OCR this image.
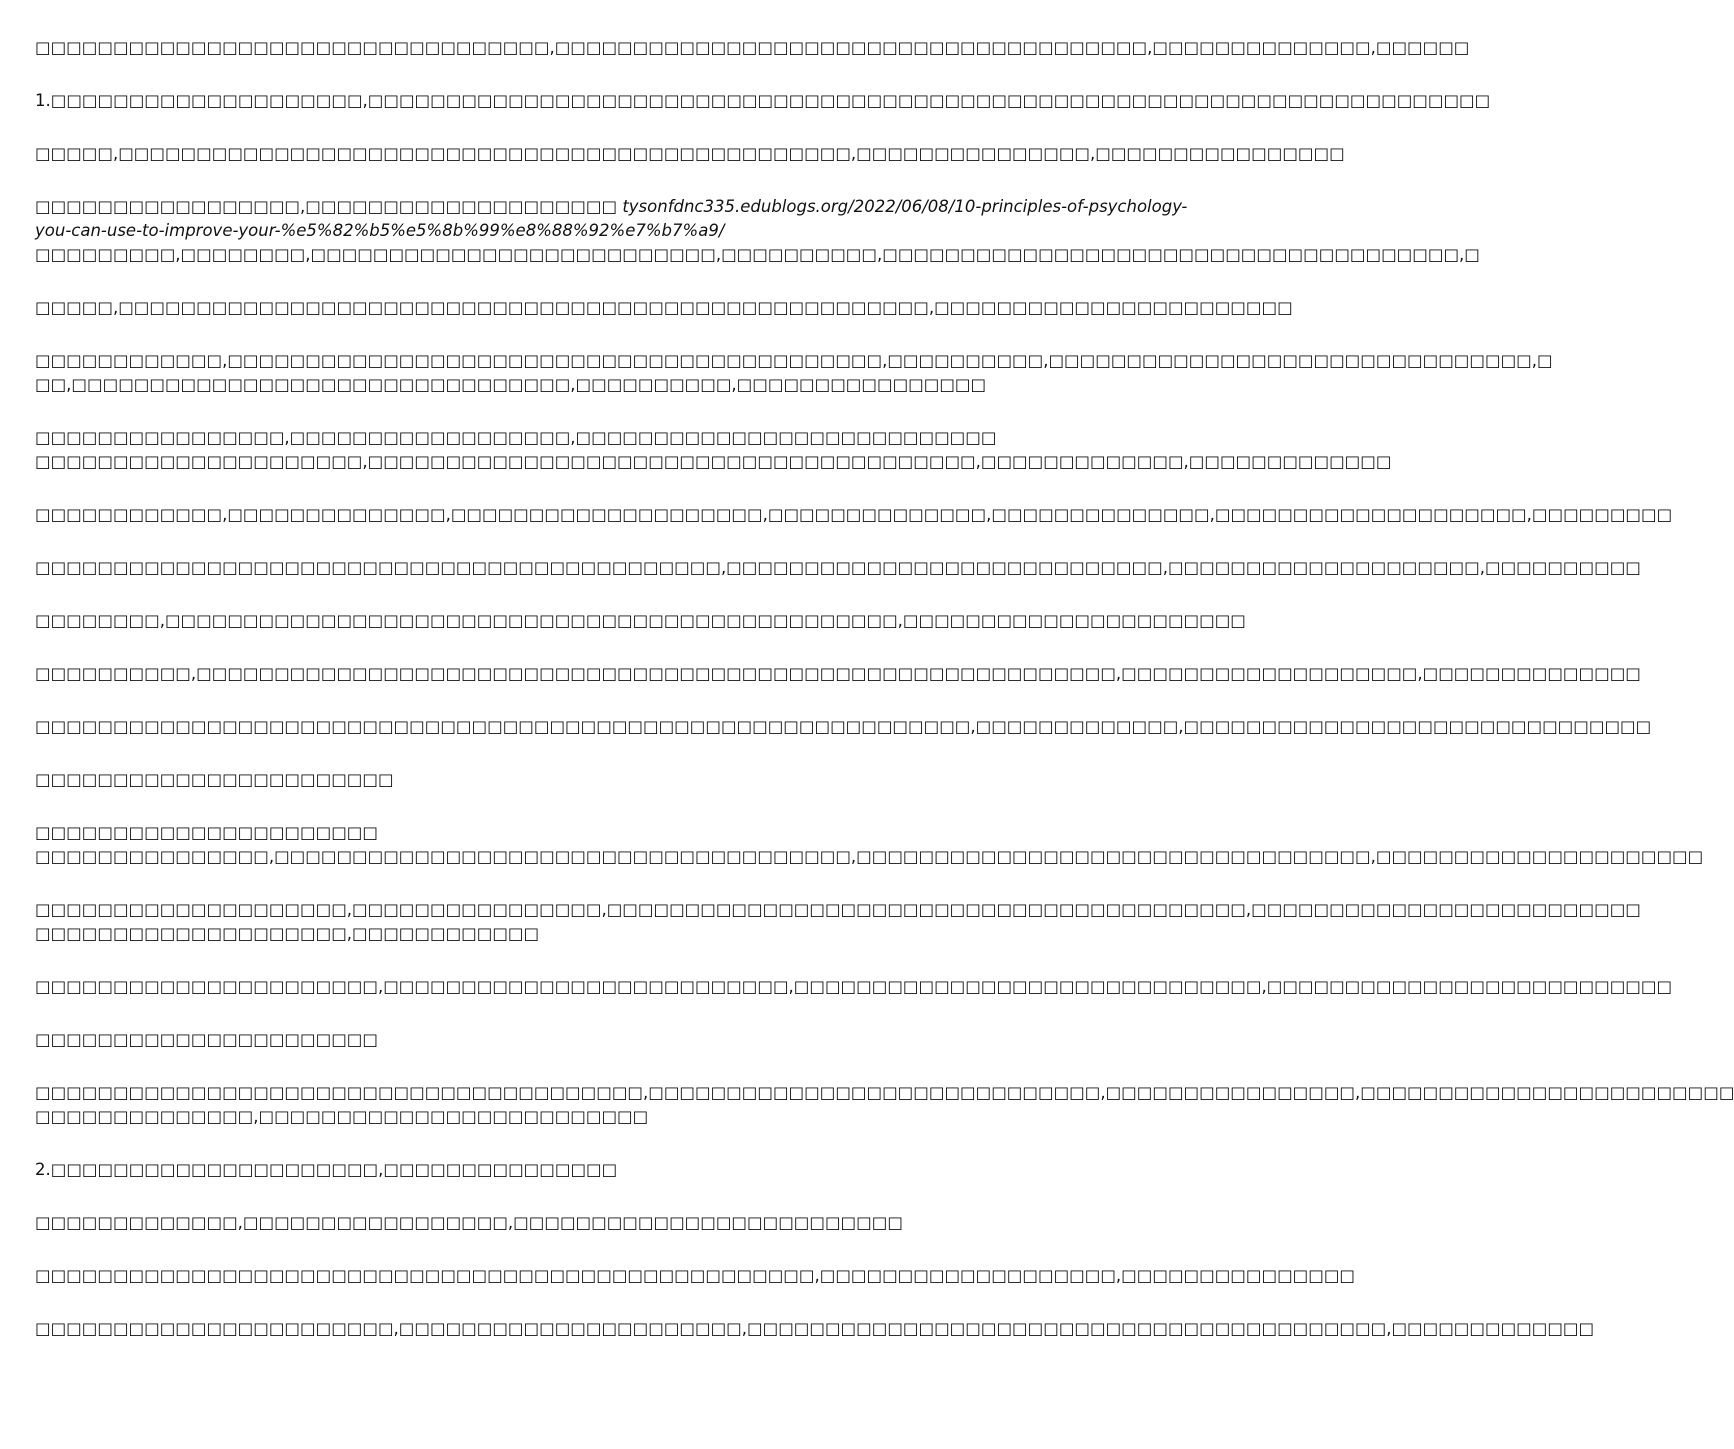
□□□□□□□□□□□□□□□□□□□□□□□□□□□□□□□□□,□□□□□□□□□□□□□□□□□□□□□□□□□□□□□□□□□□□□□□,□□□□□□□□□□□□□□,□□□□□□

1.□□□□□□□□□□□□□□□□□□□□,□□□□□□□□□□□□□□□□□□□□□□□□□□□□□□□□□□□□□□□□□□□□□□□□□□□□□□□□□□□□□□□□□□□□□□□□

□□□□□,□□□□□□□□□□□□□□□□□□□□□□□□□□□□□□□□□□□□□□□□□□□□□□□,□□□□□□□□□□□□□□□,□□□□□□□□□□□□□□□□

□□□□□□□□□□□□□□□□□,□□□□□□□□□□□□□□□□□□□□ tysonfdnc335.edublogs.org/2022/06/08/10-principles-of-psychology-
you-can-use-to-improve-your-%e5%82%b5%e5%8b%99%e8%88%92%e7%b7%a9/
□□□□□□□□□,□□□□□□□□,□□□□□□□□□□□□□□□□□□□□□□□□□□,□□□□□□□□□□,□□□□□□□□□□□□□□□□□□□□□□□□□□□□□□□□□□□□□,□

□□□□□,□□□□□□□□□□□□□□□□□□□□□□□□□□□□□□□□□□□□□□□□□□□□□□□□□□□□,□□□□□□□□□□□□□□□□□□□□□□□

□□□□□□□□□□□□,□□□□□□□□□□□□□□□□□□□□□□□□□□□□□□□□□□□□□□□□□□,□□□□□□□□□□,□□□□□□□□□□□□□□□□□□□□□□□□□□□□□□□,□
□□,□□□□□□□□□□□□□□□□□□□□□□□□□□□□□□□□,□□□□□□□□□□,□□□□□□□□□□□□□□□□

□□□□□□□□□□□□□□□□,□□□□□□□□□□□□□□□□□□,□□□□□□□□□□□□□□□□□□□□□□□□□□□
□□□□□□□□□□□□□□□□□□□□□,□□□□□□□□□□□□□□□□□□□□□□□□□□□□□□□□□□□□□□□,□□□□□□□□□□□□□,□□□□□□□□□□□□□

□□□□□□□□□□□□,□□□□□□□□□□□□□□,□□□□□□□□□□□□□□□□□□□□,□□□□□□□□□□□□□□,□□□□□□□□□□□□□□,□□□□□□□□□□□□□□□□□□□□,□□□□□□□□□

□□□□□□□□□□□□□□□□□□□□□□□□□□□□□□□□□□□□□□□□□□□□,□□□□□□□□□□□□□□□□□□□□□□□□□□□□,□□□□□□□□□□□□□□□□□□□□,□□□□□□□□□□

□□□□□□□□,□□□□□□□□□□□□□□□□□□□□□□□□□□□□□□□□□□□□□□□□□□□□□□□,□□□□□□□□□□□□□□□□□□□□□□

□□□□□□□□□□,□□□□□□□□□□□□□□□□□□□□□□□□□□□□□□□□□□□□□□□□□□□□□□□□□□□□□□□□□□□,□□□□□□□□□□□□□□□□□□□,□□□□□□□□□□□□□□

□□□□□□□□□□□□□□□□□□□□□□□□□□□□□□□□□□□□□□□□□□□□□□□□□□□□□□□□□□□□,□□□□□□□□□□□□□,□□□□□□□□□□□□□□□□□□□□□□□□□□□□□□

□□□□□□□□□□□□□□□□□□□□□□□

□□□□□□□□□□□□□□□□□□□□□□
□□□□□□□□□□□□□□□,□□□□□□□□□□□□□□□□□□□□□□□□□□□□□□□□□□□□□,□□□□□□□□□□□□□□□□□□□□□□□□□□□□□□□□□,□□□□□□□□□□□□□□□□□□□□□

□□□□□□□□□□□□□□□□□□□□,□□□□□□□□□□□□□□□□,□□□□□□□□□□□□□□□□□□□□□□□□□□□□□□□□□□□□□□□□□,□□□□□□□□□□□□□□□□□□□□□□□□□
□□□□□□□□□□□□□□□□□□□□,□□□□□□□□□□□□

□□□□□□□□□□□□□□□□□□□□□□,□□□□□□□□□□□□□□□□□□□□□□□□□□,□□□□□□□□□□□□□□□□□□□□□□□□□□□□□□,□□□□□□□□□□□□□□□□□□□□□□□□□□

□□□□□□□□□□□□□□□□□□□□□□

□□□□□□□□□□□□□□□□□□□□□□□□□□□□□□□□□□□□□□□,□□□□□□□□□□□□□□□□□□□□□□□□□□□□□,□□□□□□□□□□□□□□□□,□□□□□□□□□□□□□□□□□□□□□□□□
□□□□□□□□□□□□□□,□□□□□□□□□□□□□□□□□□□□□□□□□

2.□□□□□□□□□□□□□□□□□□□□□,□□□□□□□□□□□□□□□

□□□□□□□□□□□□□,□□□□□□□□□□□□□□□□□,□□□□□□□□□□□□□□□□□□□□□□□□□

□□□□□□□□□□□□□□□□□□□□□□□□□□□□□□□□□□□□□□□□□□□□□□□□□□,□□□□□□□□□□□□□□□□□□□,□□□□□□□□□□□□□□□

□□□□□□□□□□□□□□□□□□□□□□□,□□□□□□□□□□□□□□□□□□□□□□,□□□□□□□□□□□□□□□□□□□□□□□□□□□□□□□□□□□□□□□□□,□□□□□□□□□□□□□
